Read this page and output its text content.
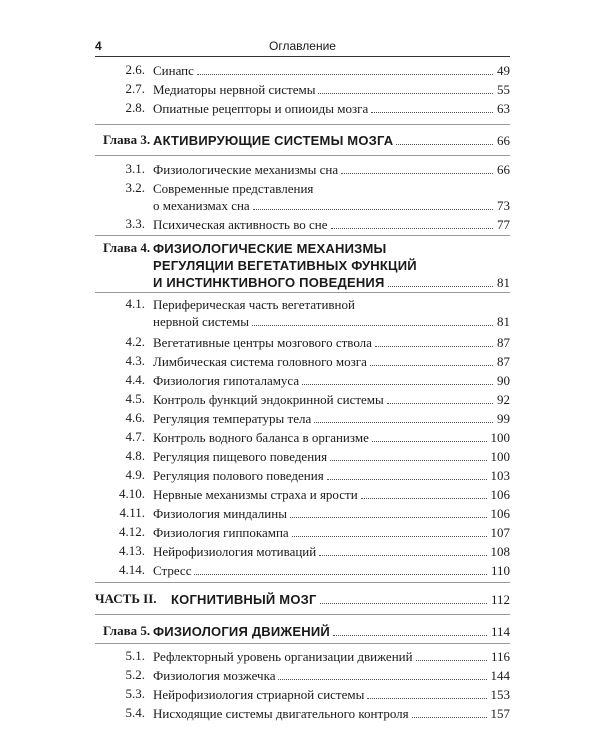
4	Оглавление
2.6. Синапс	49
2.7. Медиаторы нервной системы	55
2.8. Опиатные рецепторы и опиоиды мозга	63
Глава 3. АКТИВИРУЮЩИЕ СИСТЕМЫ МОЗГА	66
3.1. Физиологические механизмы сна	66
3.2. Современные представления
о механизмах сна	73
3.3. Психическая активность во сне	77
Глава 4. ФИЗИОЛОГИЧЕСКИЕ МЕХАНИЗМЫ
РЕГУЛЯЦИИ ВЕГЕТАТИВНЫХ ФУНКЦИЙ
И ИНСТИНКТИВНОГО ПОВЕДЕНИЯ	81
4.1. Периферическая часть вегетативной
нервной системы	81
4.2. Вегетативные центры мозгового ствола	87
4.3. Лимбическая система головного мозга	87
4.4. Физиология гипоталамуса	90
4.5. Контроль функций эндокринной системы	92
4.6. Регуляция температуры тела	99
4.7. Контроль водного баланса в организме	100
4.8. Регуляция пищевого поведения	100
4.9. Регуляция полового поведения	103
4.10. Нервные механизмы страха и ярости	106
4.11. Физиология миндалины	106
4.12. Физиология гиппокампа	107
4.13. Нейрофизиология мотиваций	108
4.14. Стресс	110
ЧАСТЬ II. КОГНИТИВНЫЙ МОЗГ	112
Глава 5. ФИЗИОЛОГИЯ ДВИЖЕНИЙ	114
5.1. Рефлекторный уровень организации движений	116
5.2. Физиология мозжечка	144
5.3. Нейрофизиология стриарной системы	153
5.4. Нисходящие системы двигательного контроля	157
